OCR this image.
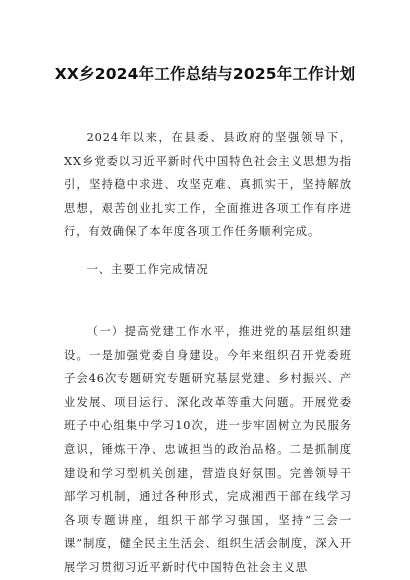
XX乡2024年工作总结与2025年工作计划
2024年以来，在县委、县政府的坚强领导下，XX乡党委以习近平新时代中国特色社会主义思想为指引，坚持稳中求进、攻坚克难、真抓实干，坚持解放思想，艰苦创业扎实工作，全面推进各项工作有序进行，有效确保了本年度各项工作任务顺利完成。
一、主要工作完成情况
（一）提高党建工作水平，推进党的基层组织建设。一是加强党委自身建设。今年来组织召开党委班子会46次专题研究专题研究基层党建、乡村振兴、产业发展、项目运行、深化改革等重大问题。开展党委班子中心组集中学习10次，进一步牢固树立为民服务意识，锤炼干净、忠诚担当的政治品格。二是抓制度建设和学习型机关创建，营造良好氛围。完善领导干部学习机制，通过各种形式，完成湘西干部在线学习各项专题讲座，组织干部学习强国，坚持“三会一课”制度，健全民主生活会、组织生活会制度，深入开展学习贯彻习近平新时代中国特色社会主义思
